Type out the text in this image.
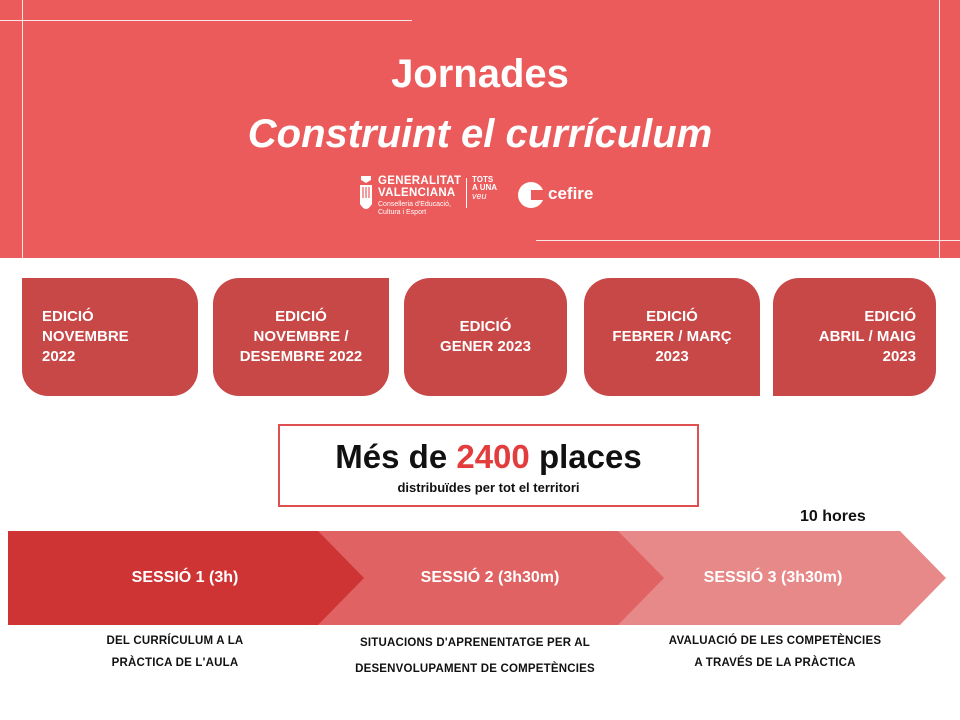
Jornades
Construint el currículum
GENERALITAT
VALENCIANA
Conselleria d'Educació,
Cultura i Esport
TOTS
A UNA
veu	cefire
EDICIÓ
NOVEMBRE
2022
EDICIÓ
NOVEMBRE /
DESEMBRE 2022
EDICIÓ
GENER 2023
EDICIÓ
FEBRER / MARÇ
2023
EDICIÓ
ABRIL / MAIG
2023
Més de 2400 places
distribuïdes per tot el territori
10 hores
SESSIÓ 1 (3h)	SESSIÓ 2 (3h30m)	SESSIÓ 3 (3h30m)
DEL CURRÍCULUM A LA
PRÀCTICA DE L'AULA
SITUACIONS D'APRENENTATGE PER AL
DESENVOLUPAMENT DE COMPETÈNCIES
AVALUACIÓ DE LES COMPETÈNCIES
A TRAVÉS DE LA PRÀCTICA
